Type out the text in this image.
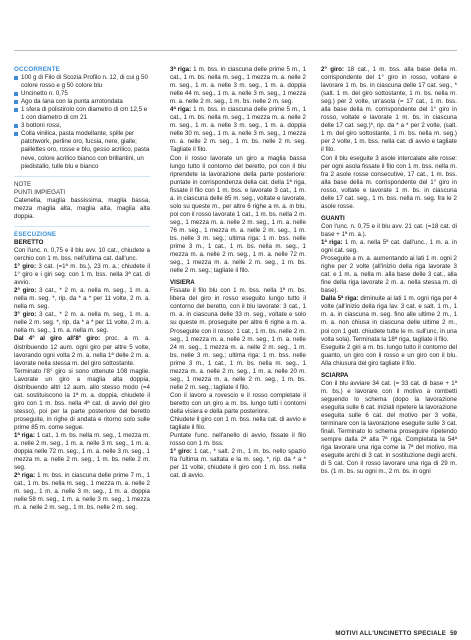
OCCORRENTE
100 g di Filo di Scozia Profilo n. 12, di cui g 50 colore rosso e g 50 colore blu
Uncinetto n. 0,75
Ago da lana con la punta arrotondata
1 sfera di polistirolo con diametro di cm 12,5 e 1 con diametro di cm 21
3 bottoni rossi,
Colla vinilica, pasta modellante, spille per patchwork, perline oro, fucsia, nere, gialle; paillettes oro, rosse e blu, gesso acrilico, pasta neve, colore acrilico bianco con brillantini, un piedistallo, tulle blu e bianco
NOTE
PUNTI IMPIEGATI

Catenella, maglia bassissima, maglia bassa, mezza maglia alta, maglia alta, maglia alta doppia.

ESECUZIONE
BERETTO

Con l'unc. n. 0,75 e il blu avv. 10 cat., chiudete a cerchio con 1 m. bss. nell'ultima cat. dall'unc.

1° giro: 3 cat. (=1ª m. bs.), 23 m. a.; chiudete il 1° giro e i giri seg. con 1 m. bss. nella 3ª cat. di avvio.

2° giro: 3 cat., * 2 m. a. nella m. seg., 1 m. a. nella m. seg. *, rip. da * a * per 11 volte, 2 m. a. nella m. seg.

3° giro: 3 cat., * 2 m. a. nella m. seg., 1 m. a. nelle 2 m. seg. *, rip. da * a * per 11 volte, 2 m. a. nella m. seg., 1 m. a. nella m. seg.

Dal 4° al giro all'8° giro: proc. a m. a. distribuendo 12 aum. ogni giro per altre 5 volte, lavorando ogni volta 2 m. a. nella 1ª delle 2 m. a. lavorate nella stessa m. del giro sottostante.

Terminato l'8° giro si sono ottenute 108 maglie. Lavorate un giro a maglia alta doppia, distribuendo altri 12 aum. allo stesso modo (=4 cat. sostituiscono la 1ª m. a. doppia, chiudete il giro con 1 m. bss. nella 4ª cat. di avvio del giro stesso), poi per la parte posteriore del beretto proseguite, in righe di andata e ritorno solo sulle prime 85 m. come segue.

1ª riga: 1 cat., 1 m. bs. nella m. seg., 1 mezza m. a. nelle 2 m. seg., 1 m. a. nelle 3 m. seg., 1 m. a. doppia nelle 72 m. seg., 1 m. a. nelle 3 m. seg., 1 mezza m. a. nelle 2 m. seg., 1 m. bs. nelle 2 m. seg.

2ª riga: 1 m. bss. in ciascuna delle prime 7 m., 1 cat., 1 m. bs. nella m. seg., 1 mezza m. a. nelle 2 m. seg., 1 m. a. nelle 3 m. seg., 1 m. a. doppia nelle 58 m. seg., 1 m. a. nelle 3 m. seg., 1 mezza m. a. nelle 2 m. seg., 1 m. bs. nelle 2 m. seg.

3ª riga: 1 m. bss. in ciascuna delle prime 5 m., 1 cat., 1 m. bs. nella m. seg., 1 mezza m. a. nelle 2 m. seg., 1 m. a. nelle 3 m. seg., 1 m. a. doppia nelle 44 m. seg., 1 m. a. nelle 3 m. seg., 1 mezza m. a. nelle 2 m. seg., 1 m. bs. nelle 2 m. seg.

4ª riga: 1 m. bss. in ciascuna delle prime 5 m., 1 cat., 1 m. bs. nella m. seg., 1 mezza m. a. nelle 2 m. seg., 1 m. a. nelle 3 m. seg., 1 m. a. doppia nelle 30 m. seg., 1 m. a. nelle 3 m. seg., 1 mezza m. a. nelle 2 m. seg., 1 m. bs. nelle 2 m. seg. Tagliate il filo.

Con il rosso lavorate un giro a maglia bassa lungo tutto il contorno del beretto, poi con il blu riprendete la lavorazione della parte posteriore: puntate in corrispondenza della cat. della 1ª riga, fissate il filo con 1 m. bss. e lavorate 3 cat., 1 m. a. in ciascuna delle 85 m. seg., voltate e lavorate, solo su queste m., per altre 6 righe a m. a. in blu, poi con il rosso lavorate 1 cat., 1 m. bs. nella 2 m. seg., 1 mezza m. a. nelle 2 m. seg., 1 m. a. nelle 76 m. seg., 1 mezza m. a. nelle 2 m. seg., 1 m. bs. nelle 3 m. seg.; ultima riga: 1 m. bss. nelle prime 3 m., 1 cat., 1 m. bs. nella m. seg., 1 mezza m. a. nelle 2 m. seg., 1 m. a. nelle 72 m. seg., 1 mezza m. a. nelle 2 m. seg., 1 m. bs. nelle 2 m. seg.; tagliate il filo.

VISIERA

Fissate il filo blu con 1 m. bss. nella 1ª m. bs. libera del giro in rosso eseguito lungo tutto il contorno del beretto, con il blu lavorate: 3 cat., 1 m. a. in ciascuna delle 33 m. seg., voltate e solo su queste m. proseguite per altre 6 righe a m. a. Proseguite con il rosso: 1 cat., 1 m. bs. nelle 2 m. seg., 1 mezza m. a. nelle 2 m. seg., 1 m. a. nelle 24 m. seg., 1 mezza m. a. nelle 2 m. seg., 1 m. bs. nelle 3 m. seg.; ultima riga: 1 m. bss. nelle prime 3 m., 1 cat., 1 m. bs. nella m. seg., 1 mezza m. a. nelle 2 m. seg., 1 m. a. nelle 20 m. seg., 1 mezza m. a. nelle 2 m. seg., 1 m. bs. nelle 2 m. seg.; tagliate il filo.

Con il lavoro a rovescio e il rosso completate il beretto con un giro a m. bs. lungo tutti i contorni della visiera e della parte posteriore.

Chiudete il giro con 1 m. bss. nella cat. di avvio e tagliate il filo.

Puntate l'unc. nell'anello di avvio, fissate il filo rosso con 1 m. bss.

1° giro: 1 cat., * salt. 2 m., 1 m. bs. nello spazio fra l'ultima m. saltata e la m. seg. *, rip. da * a * per 11 volte, chiudete il giro con 1 m. bss. nella cat. di avvio.

2° giro: 18 cat., 1 m. bss. alla base della m. corrispondente del 1° giro in rosso, voltare e lavorare 1 m. bs. in ciascuna delle 17 cat. seg., * (salt. 1 m. del giro sottostante, 1 m. bs. nella m. seg.) per 2 volte, un'asola (= 17 cat., 1 m. bss. alla base della m. corrispondente del 1° giro in rosso, voltate e lavorate 1 m. bs. in ciascuna delle 17 cat. seg.)*, rip. da * a * per 2 volte, (salt. 1 m. del giro sottostante, 1 m. bs. nella m. seg.) per 2 volte, 1 m. bss. nella cat. di avvio e tagliate il filo.

Con il blu eseguite 3 asole intercalate alle rosse: per ogni asola fissate il filo con 1 m. bss. nella m. fra 2 asole rosse consecutive, 17 cat., 1 m. bss. alla base della m. corrispondente del 1° giro in rosso, voltate e lavorate 1 m. bs. in ciascuna delle 17 cat. seg., 1 m. bss. nella m. seg. fra le 2 asole rosse.

GUANTI

Con l'unc. n. 0,75 e il blu avv. 21 cat. (=18 cat. di base + 1ª m. a.).

1ª riga: 1 m. a. nella 5ª cat. dall'unc., 1 m. a. in ogni cat. seg.

Proseguite a m. a. aumentando ai lati 1 m. ogni 2 righe per 2 volte (all'inizio della riga lavorate 3 cat. e 1 m. a. nella m. alla base delle 3 cat., alla fine della riga lavorate 2 m. a. nella stessa m. di base).

Dalla 5ª riga: diminuite ai lati 1 m. ogni riga per 4 volte (all'inizio della riga lav. 3 cat. e salt. 1 m., 1 m. a. in ciascuna m. seg. fino alle ultime 2 m., 1 m. a. non chiusa in ciascuna delle ultime 2 m., poi con 1 gett. chiudete tutte le m. sull'unc. in una volta sola). Terminata la 18ª riga, tagliate il filo.

Eseguite 2 giri a m. bs. lungo tutto il contorno del guanto, un giro con il rosso e un giro con il blu. Alla chiusura del giro tagliate il filo.

SCIARPA

Con il blu avviare 34 cat. (= 33 cat. di base + 1ª m. bs.) e lavorare con il motivo a rombetti seguendo lo schema (dopo la lavorazione eseguita sulle 6 cat. iniziali ripetere la lavorazione eseguita sulle 6 cat. del motivo per 3 volte, terminare con la lavorazione eseguite sulle 3 cat. finali. Terminato lo schema proseguire ripetendo sempre dalla 2ª alla 7ª riga. Completata la 54ª riga lavorare una riga come la 7ª del motivo, ma eseguite archi di 3 cat. in sostituzione degli archi. di 5 cat. Con il rosso lavorare una riga di 29 m. bs. (1 m. bs. su ogni m., 2 m. bs. in ogni

MOTIVI ALL'UNCINETTO SPECIALE 59
